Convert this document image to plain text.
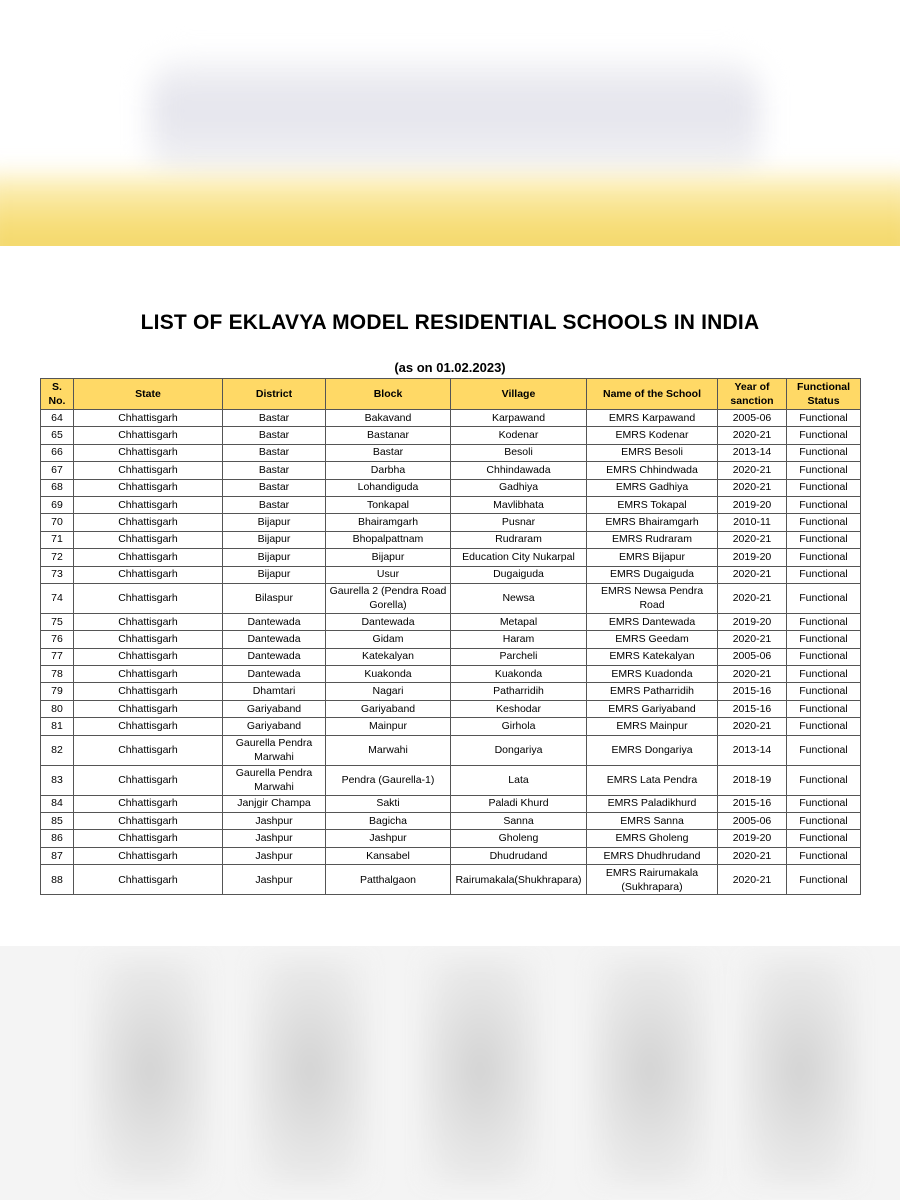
LIST OF EKLAVYA MODEL RESIDENTIAL SCHOOLS IN INDIA
(as on 01.02.2023)
S. No.	State	District	Block	Village	Name of the School	Year of sanction	Functional Status
64	Chhattisgarh	Bastar	Bakavand	Karpawand	EMRS Karpawand	2005-06	Functional
65	Chhattisgarh	Bastar	Bastanar	Kodenar	EMRS Kodenar	2020-21	Functional
66	Chhattisgarh	Bastar	Bastar	Besoli	EMRS Besoli	2013-14	Functional
67	Chhattisgarh	Bastar	Darbha	Chhindawada	EMRS Chhindwada	2020-21	Functional
68	Chhattisgarh	Bastar	Lohandiguda	Gadhiya	EMRS Gadhiya	2020-21	Functional
69	Chhattisgarh	Bastar	Tonkapal	Mavlibhata	EMRS Tokapal	2019-20	Functional
70	Chhattisgarh	Bijapur	Bhairamgarh	Pusnar	EMRS Bhairamgarh	2010-11	Functional
71	Chhattisgarh	Bijapur	Bhopalpattnam	Rudraram	EMRS Rudraram	2020-21	Functional
72	Chhattisgarh	Bijapur	Bijapur	Education City Nukarpal	EMRS Bijapur	2019-20	Functional
73	Chhattisgarh	Bijapur	Usur	Dugaiguda	EMRS Dugaiguda	2020-21	Functional
74	Chhattisgarh	Bilaspur	Gaurella 2 (Pendra Road Gorella)	Newsa	EMRS Newsa Pendra Road	2020-21	Functional
75	Chhattisgarh	Dantewada	Dantewada	Metapal	EMRS Dantewada	2019-20	Functional
76	Chhattisgarh	Dantewada	Gidam	Haram	EMRS Geedam	2020-21	Functional
77	Chhattisgarh	Dantewada	Katekalyan	Parcheli	EMRS Katekalyan	2005-06	Functional
78	Chhattisgarh	Dantewada	Kuakonda	Kuakonda	EMRS Kuadonda	2020-21	Functional
79	Chhattisgarh	Dhamtari	Nagari	Patharridih	EMRS Patharridih	2015-16	Functional
80	Chhattisgarh	Gariyaband	Gariyaband	Keshodar	EMRS Gariyaband	2015-16	Functional
81	Chhattisgarh	Gariyaband	Mainpur	Girhola	EMRS Mainpur	2020-21	Functional
82	Chhattisgarh	Gaurella Pendra Marwahi	Marwahi	Dongariya	EMRS Dongariya	2013-14	Functional
83	Chhattisgarh	Gaurella Pendra Marwahi	Pendra (Gaurella-1)	Lata	EMRS Lata Pendra	2018-19	Functional
84	Chhattisgarh	Janjgir Champa	Sakti	Paladi Khurd	EMRS Paladikhurd	2015-16	Functional
85	Chhattisgarh	Jashpur	Bagicha	Sanna	EMRS Sanna	2005-06	Functional
86	Chhattisgarh	Jashpur	Jashpur	Gholeng	EMRS Gholeng	2019-20	Functional
87	Chhattisgarh	Jashpur	Kansabel	Dhudrudand	EMRS Dhudhrudand	2020-21	Functional
88	Chhattisgarh	Jashpur	Patthalgaon	Rairumakala(Shukhrapara)	EMRS Rairumakala (Sukhrapara)	2020-21	Functional
